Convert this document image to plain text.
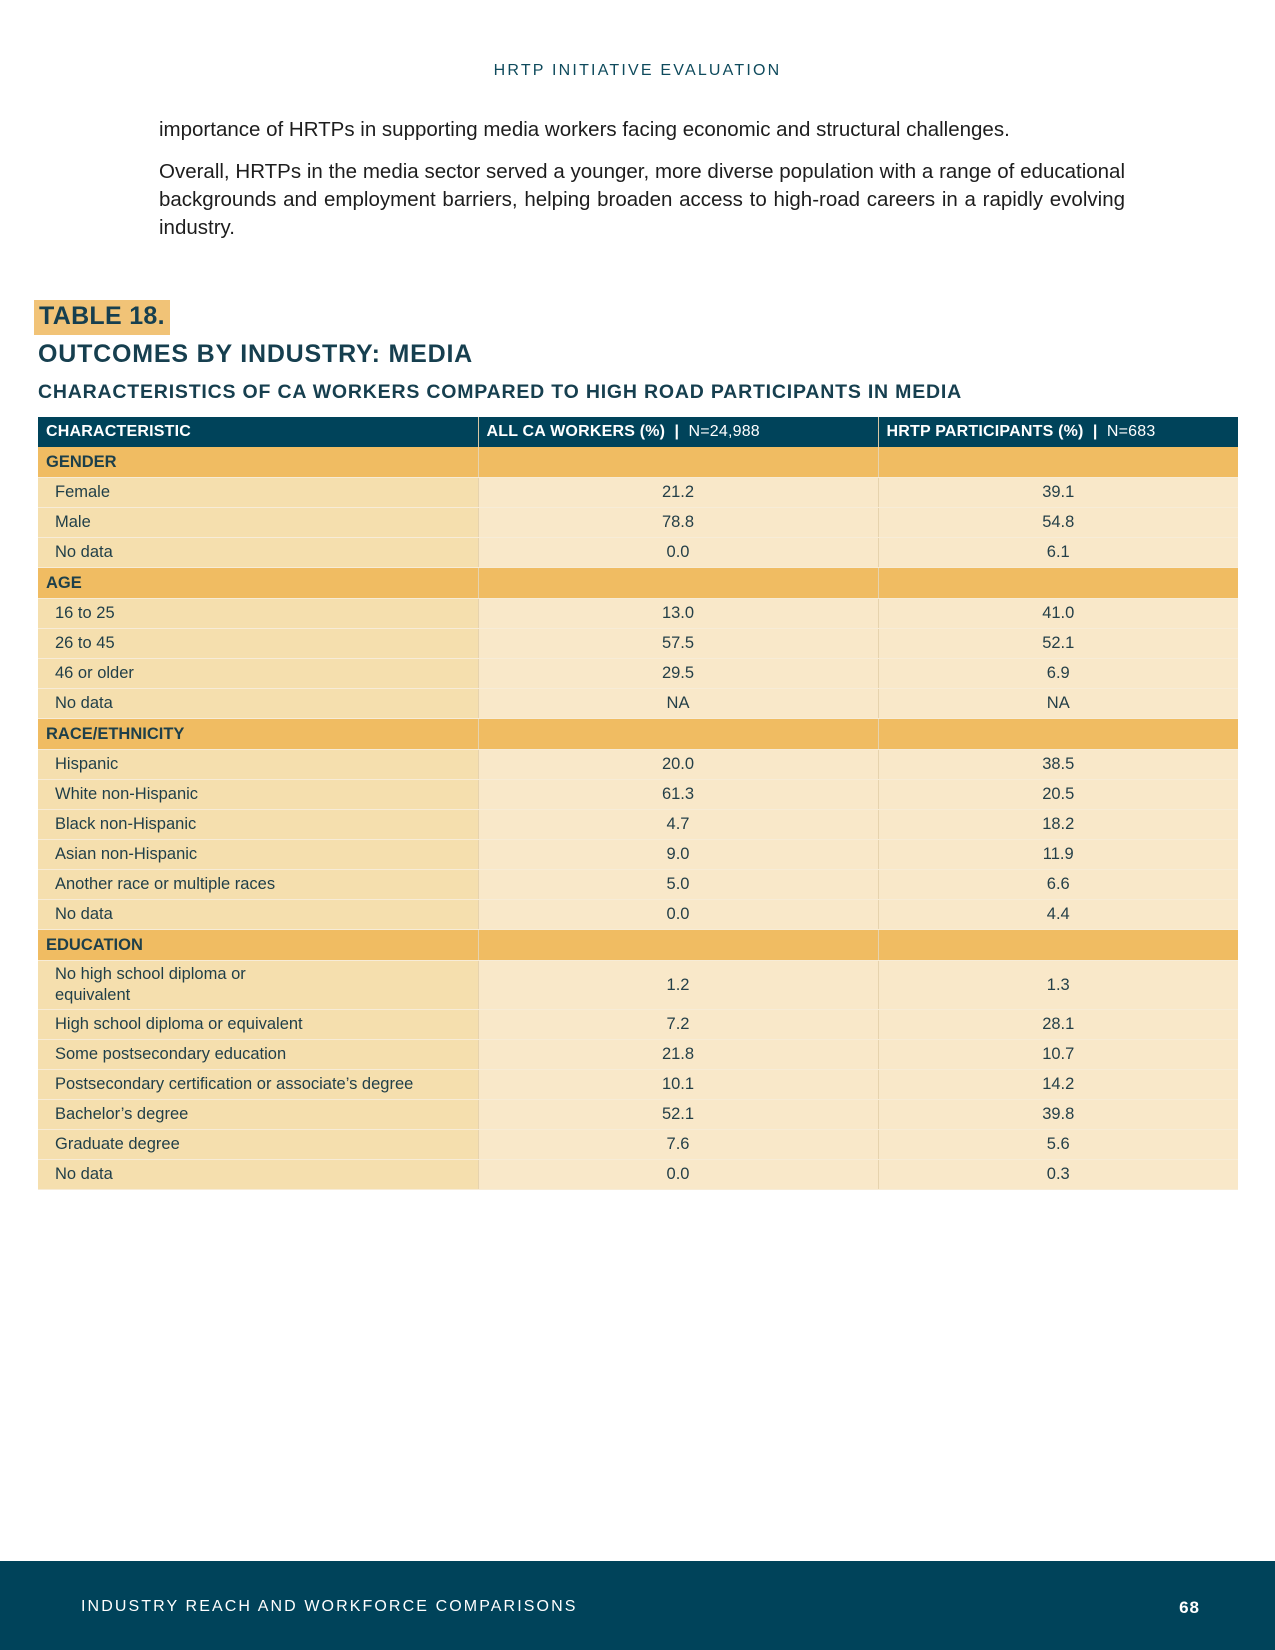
HRTP INITIATIVE EVALUATION

importance of HRTPs in supporting media workers facing economic and structural challenges.

Overall, HRTPs in the media sector served a younger, more diverse population with a range of educational backgrounds and employment barriers, helping broaden access to high-road careers in a rapidly evolving industry.

TABLE 18.
OUTCOMES BY INDUSTRY: MEDIA
CHARACTERISTICS OF CA WORKERS COMPARED TO HIGH ROAD PARTICIPANTS IN MEDIA
CHARACTERISTIC	ALL CA WORKERS (%)  |  N=24,988	HRTP PARTICIPANTS (%)  |  N=683
GENDER		
Female	21.2	39.1
Male	78.8	54.8
No data	0.0	6.1
AGE		
16 to 25	13.0	41.0
26 to 45	57.5	52.1
46 or older	29.5	6.9
No data	NA	NA
RACE/ETHNICITY		
Hispanic	20.0	38.5
White non-Hispanic	61.3	20.5
Black non-Hispanic	4.7	18.2
Asian non-Hispanic	9.0	11.9
Another race or multiple races	5.0	6.6
No data	0.0	4.4
EDUCATION		
No high school diploma or equivalent	1.2	1.3
High school diploma or equivalent	7.2	28.1
Some postsecondary education	21.8	10.7
Postsecondary certification or associate’s degree	10.1	14.2
Bachelor’s degree	52.1	39.8
Graduate degree	7.6	5.6
No data	0.0	0.3
INDUSTRY REACH AND WORKFORCE COMPARISONS	68
